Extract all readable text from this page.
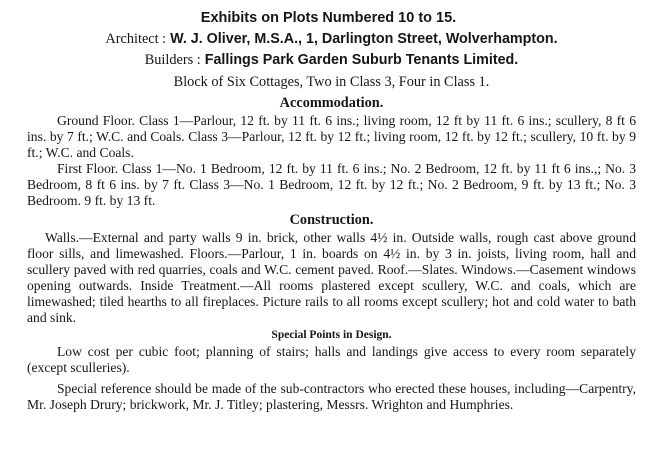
Exhibits on Plots Numbered 10 to 15.
Architect : W. J. Oliver, M.S.A., 1, Darlington Street, Wolverhampton.
Builders : Fallings Park Garden Suburb Tenants Limited.
Block of Six Cottages, Two in Class 3, Four in Class 1.
Accommodation.

Ground Floor. Class 1—Parlour, 12 ft. by 11 ft. 6 ins.; living room, 12 ft by 11 ft. 6 ins.; scullery, 8 ft 6 ins. by 7 ft.; W.C. and Coals. Class 3—Parlour, 12 ft. by 12 ft.; living room, 12 ft. by 12 ft.; scullery, 10 ft. by 9 ft.; W.C. and Coals.

First Floor. Class 1—No. 1 Bedroom, 12 ft. by 11 ft. 6 ins.; No. 2 Bedroom, 12 ft. by 11 ft 6 ins.,; No. 3 Bedroom, 8 ft 6 ins. by 7 ft. Class 3—No. 1 Bedroom, 12 ft. by 12 ft.; No. 2 Bedroom, 9 ft. by 13 ft.; No. 3 Bedroom. 9 ft. by 13 ft.

Construction.

Walls.—External and party walls 9 in. brick, other walls 4½ in. Outside walls, rough cast above ground floor sills, and limewashed. Floors.—Parlour, 1 in. boards on 4½ in. by 3 in. joists, living room, hall and scullery paved with red quarries, coals and W.C. cement paved. Roof.—Slates. Windows.—Casement windows opening outwards. Inside Treatment.—All rooms plastered except scullery, W.C. and coals, which are limewashed; tiled hearths to all fireplaces. Picture rails to all rooms except scullery; hot and cold water to bath and sink.

Special Points in Design.

Low cost per cubic foot; planning of stairs; halls and landings give access to every room separately (except sculleries).

Special reference should be made of the sub-contractors who erected these houses, including—Carpentry, Mr. Joseph Drury; brickwork, Mr. J. Titley; plastering, Messrs. Wrighton and Humphries.
